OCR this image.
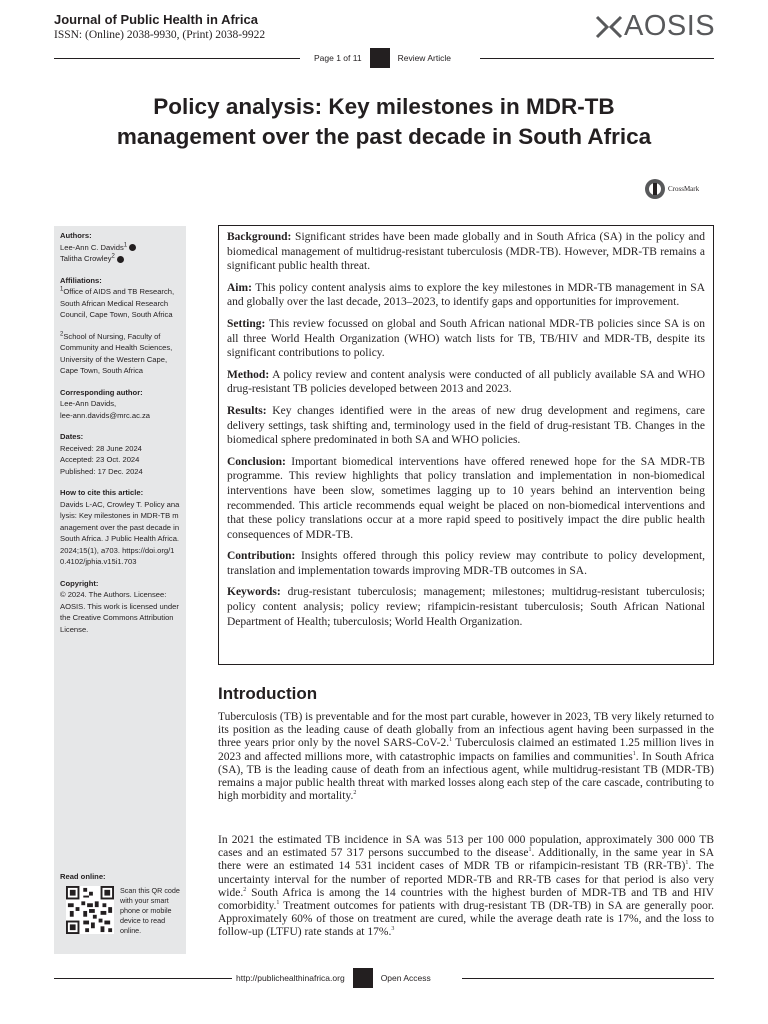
Journal of Public Health in Africa
ISSN: (Online) 2038-9930, (Print) 2038-9922	AOSIS
Page 1 of 11	Review Article
Policy analysis: Key milestones in MDR-TB management over the past decade in South Africa
CrossMark
Authors:
Lee-Ann C. Davids$^1$
Talitha Crowley$^2$
Affiliations:
$^1$Office of AIDS and TB Research, South African Medical Research Council, Cape Town, South Africa
$^2$School of Nursing, Faculty of Community and Health Sciences, University of the Western Cape, Cape Town, South Africa
Corresponding author:
Lee-Ann Davids,
lee-ann.davids@mrc.ac.za
Dates:
Received: 28 June 2024
Accepted: 23 Oct. 2024
Published: 17 Dec. 2024
How to cite this article:
Davids L-AC, Crowley T. Policy analysis: Key milestones in MDR-TB management over the past decade in South Africa. J Public Health Africa. 2024;15(1), a703. https://doi.org/10.4102/jphia.v15i1.703
Copyright:
© 2024. The Authors. Licensee: AOSIS. This work is licensed under the Creative Commons Attribution License.
Read online:
Scan this QR code with your smart phone or mobile device to read online.

Background: Significant strides have been made globally and in South Africa (SA) in the policy and biomedical management of multidrug-resistant tuberculosis (MDR-TB). However, MDR-TB remains a significant public health threat.

Aim: This policy content analysis aims to explore the key milestones in MDR-TB management in SA and globally over the last decade, 2013–2023, to identify gaps and opportunities for improvement.

Setting: This review focussed on global and South African national MDR-TB policies since SA is on all three World Health Organization (WHO) watch lists for TB, TB/HIV and MDR-TB, despite its significant contributions to policy.

Method: A policy review and content analysis were conducted of all publicly available SA and WHO drug-resistant TB policies developed between 2013 and 2023.

Results: Key changes identified were in the areas of new drug development and regimens, care delivery settings, task shifting and, terminology used in the field of drug-resistant TB. Changes in the biomedical sphere predominated in both SA and WHO policies.

Conclusion: Important biomedical interventions have offered renewed hope for the SA MDR-TB programme. This review highlights that policy translation and implementation in non-biomedical interventions have been slow, sometimes lagging up to 10 years behind an intervention being recommended. This article recommends equal weight be placed on non-biomedical interventions and that these policy translations occur at a more rapid speed to positively impact the dire public health consequences of MDR-TB.

Contribution: Insights offered through this policy review may contribute to policy development, translation and implementation towards improving MDR-TB outcomes in SA.

Keywords: drug-resistant tuberculosis; management; milestones; multidrug-resistant tuberculosis; policy content analysis; policy review; rifampicin-resistant tuberculosis; South African National Department of Health; tuberculosis; World Health Organization.

Introduction

Tuberculosis (TB) is preventable and for the most part curable, however in 2023, TB very likely returned to its position as the leading cause of death globally from an infectious agent having been surpassed in the three years prior only by the novel SARS-CoV-2.$^1$ Tuberculosis claimed an estimated 1.25 million lives in 2023 and affected millions more, with catastrophic impacts on families and communities$^1$. In South Africa (SA), TB is the leading cause of death from an infectious agent, while multidrug-resistant TB (MDR-TB) remains a major public health threat with marked losses along each step of the care cascade, contributing to high morbidity and mortality.$^2$

In 2021 the estimated TB incidence in SA was 513 per 100 000 population, approximately 300 000 TB cases and an estimated 57 317 persons succumbed to the disease$^1$. Additionally, in the same year in SA there were an estimated 14 531 incident cases of MDR TB or rifampicin-resistant TB $(RR-TB)^1$. The uncertainty interval for the number of reported MDR-TB and RR-TB cases for that period is also very wide.$^2$ South Africa is among the 14 countries with the highest burden of MDR-TB and TB and HIV comorbidity.$^1$ Treatment outcomes for patients with drug-resistant TB (DR-TB) in SA are generally poor. Approximately 60% of those on treatment are cured, while the average death rate is 17%, and the loss to follow-up (LTFU) rate stands at 17%.$^3$

http://publichealthinafrica.org	Open Access
